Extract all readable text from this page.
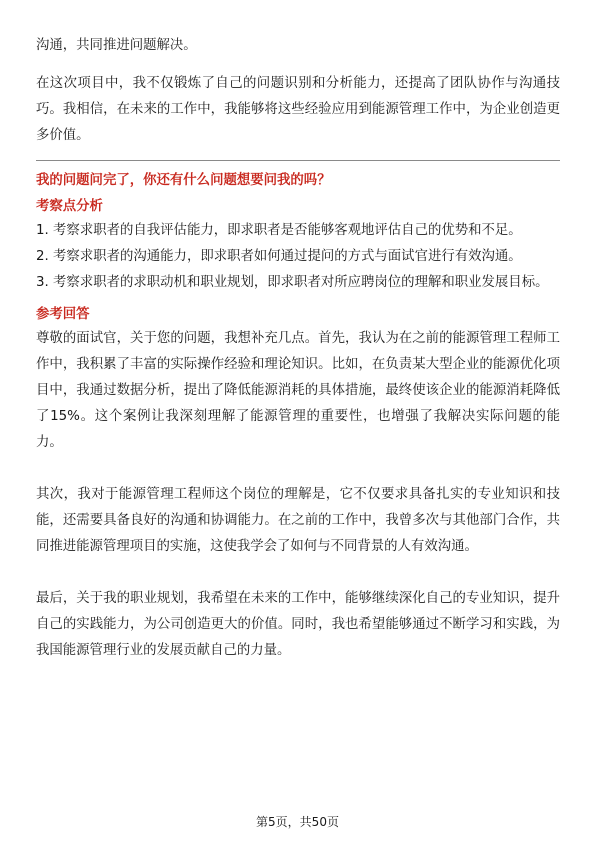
沟通，共同推进问题解决。

在这次项目中，我不仅锻炼了自己的问题识别和分析能力，还提高了团队协作与沟通技巧。我相信，在未来的工作中，我能够将这些经验应用到能源管理工作中，为企业创造更多价值。

我的问题问完了，你还有什么问题想要问我的吗？
考察点分析

1. 考察求职者的自我评估能力，即求职者是否能够客观地评估自己的优势和不足。

2. 考察求职者的沟通能力，即求职者如何通过提问的方式与面试官进行有效沟通。

3. 考察求职者的求职动机和职业规划，即求职者对所应聘岗位的理解和职业发展目标。

参考回答

尊敬的面试官，关于您的问题，我想补充几点。首先，我认为在之前的能源管理工程师工作中，我积累了丰富的实际操作经验和理论知识。比如，在负责某大型企业的能源优化项目中，我通过数据分析，提出了降低能源消耗的具体措施，最终使该企业的能源消耗降低了15%。这个案例让我深刻理解了能源管理的重要性，也增强了我解决实际问题的能力。

其次，我对于能源管理工程师这个岗位的理解是，它不仅要求具备扎实的专业知识和技能，还需要具备良好的沟通和协调能力。在之前的工作中，我曾多次与其他部门合作，共同推进能源管理项目的实施，这使我学会了如何与不同背景的人有效沟通。

最后，关于我的职业规划，我希望在未来的工作中，能够继续深化自己的专业知识，提升自己的实践能力，为公司创造更大的价值。同时，我也希望能够通过不断学习和实践，为我国能源管理行业的发展贡献自己的力量。

第5页，共50页
